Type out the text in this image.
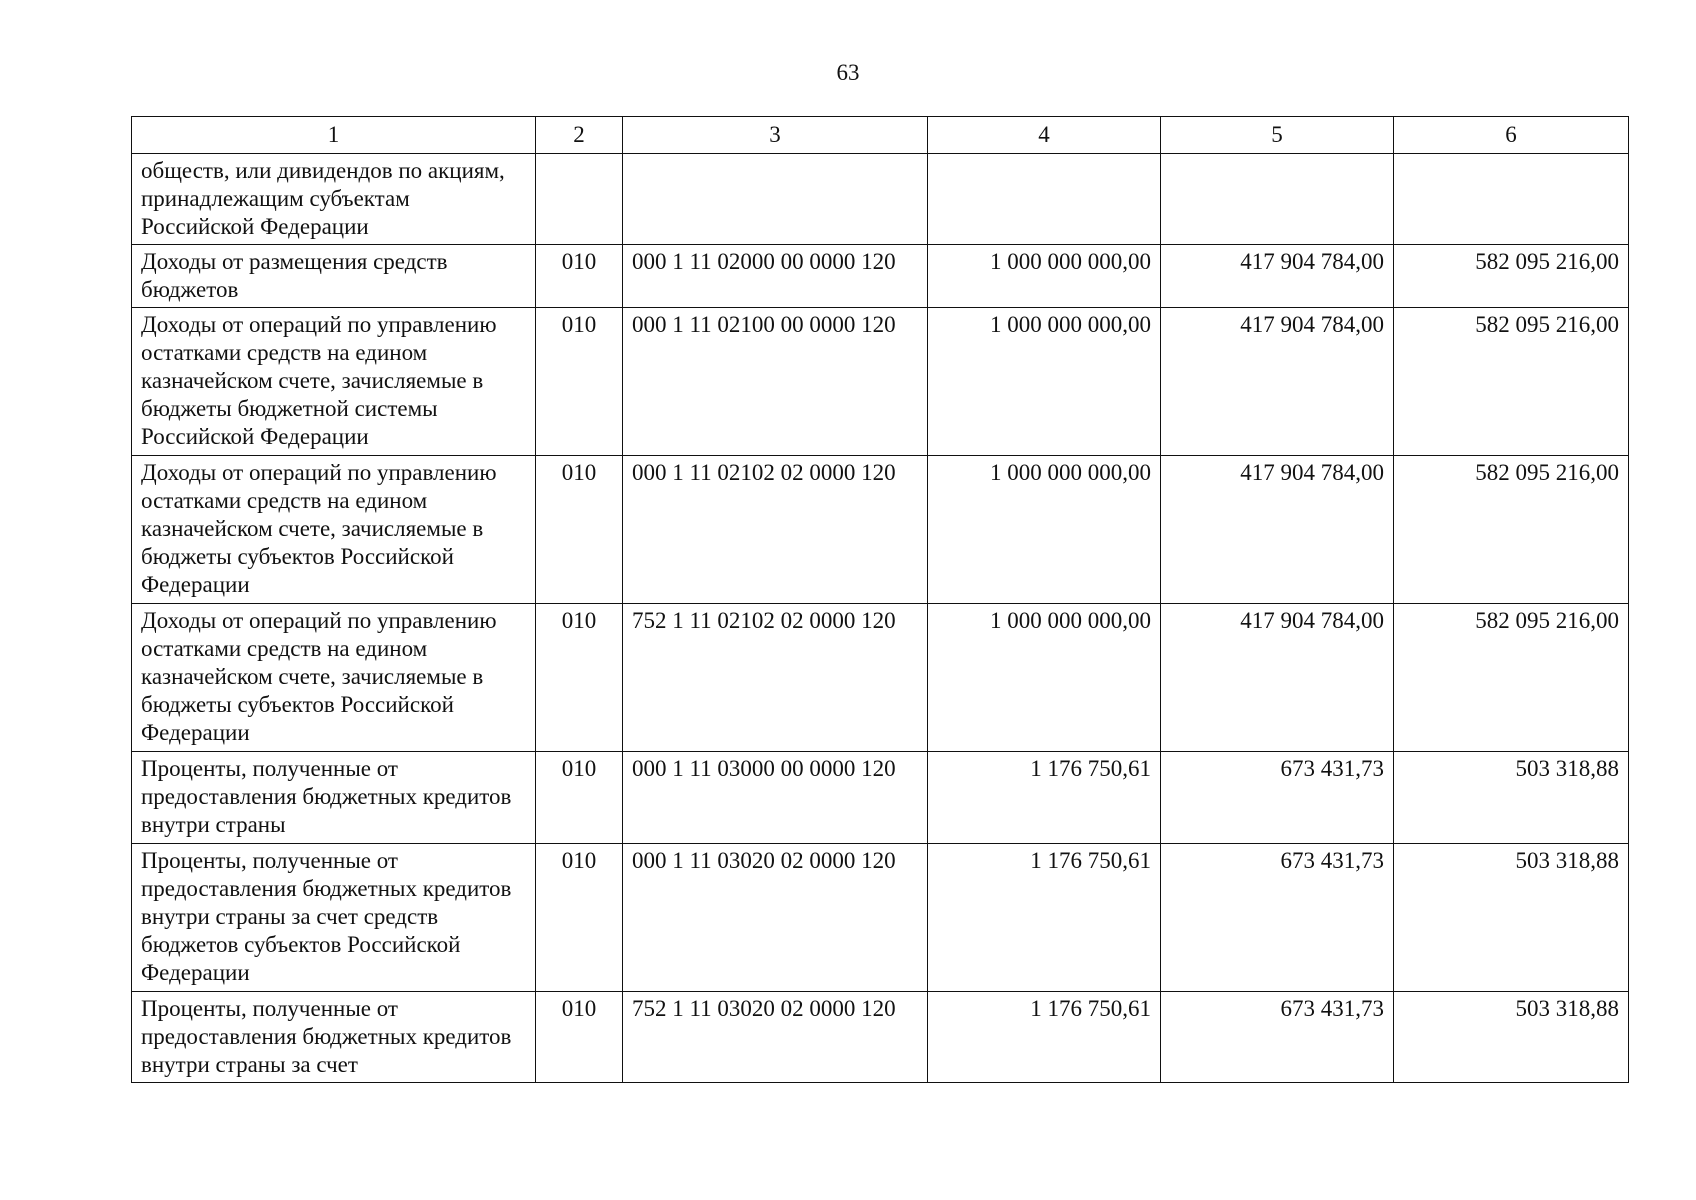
63
1	2	3	4	5	6
обществ, или дивидендов по акциям, принадлежащим субъектам Российской Федерации					
Доходы от размещения средств бюджетов	010	000 1 11 02000 00 0000 120	1 000 000 000,00	417 904 784,00	582 095 216,00
Доходы от операций по управлению остатками средств на едином казначейском счете, зачисляемые в бюджеты бюджетной системы Российской Федерации	010	000 1 11 02100 00 0000 120	1 000 000 000,00	417 904 784,00	582 095 216,00
Доходы от операций по управлению остатками средств на едином казначейском счете, зачисляемые в бюджеты субъектов Российской Федерации	010	000 1 11 02102 02 0000 120	1 000 000 000,00	417 904 784,00	582 095 216,00
Доходы от операций по управлению остатками средств на едином казначейском счете, зачисляемые в бюджеты субъектов Российской Федерации	010	752 1 11 02102 02 0000 120	1 000 000 000,00	417 904 784,00	582 095 216,00
Проценты, полученные от предоставления бюджетных кредитов внутри страны	010	000 1 11 03000 00 0000 120	1 176 750,61	673 431,73	503 318,88
Проценты, полученные от предоставления бюджетных кредитов внутри страны за счет средств бюджетов субъектов Российской Федерации	010	000 1 11 03020 02 0000 120	1 176 750,61	673 431,73	503 318,88
Проценты, полученные от предоставления бюджетных кредитов внутри страны за счет	010	752 1 11 03020 02 0000 120	1 176 750,61	673 431,73	503 318,88
